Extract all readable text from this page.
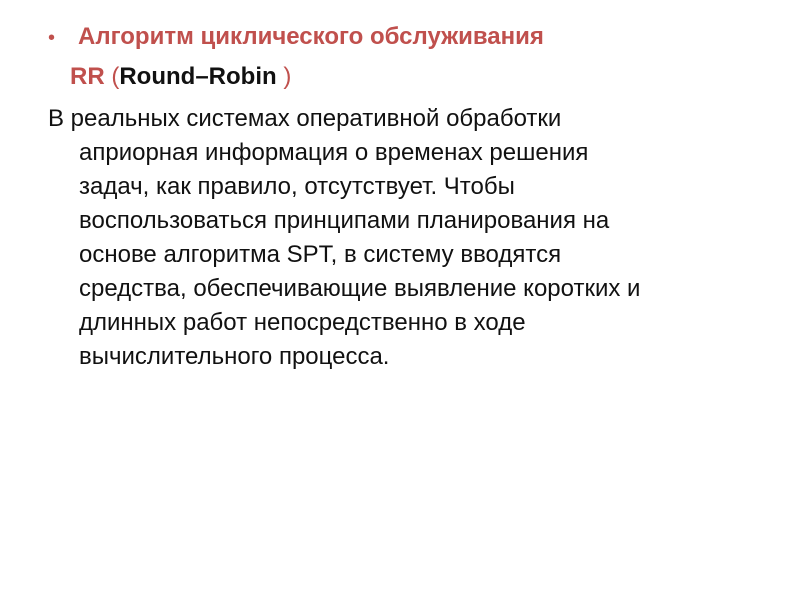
• Алгоритм циклического обслуживания
RR (Round–Robin )
В реальных системах оперативной обработки
априорная информация о временах решения
задач, как правило, отсутствует. Чтобы
воспользоваться принципами планирования на
основе алгоритма SPT, в систему вводятся
средства, обеспечивающие выявление коротких и
длинных работ непосредственно в ходе
вычислительного процесса.
